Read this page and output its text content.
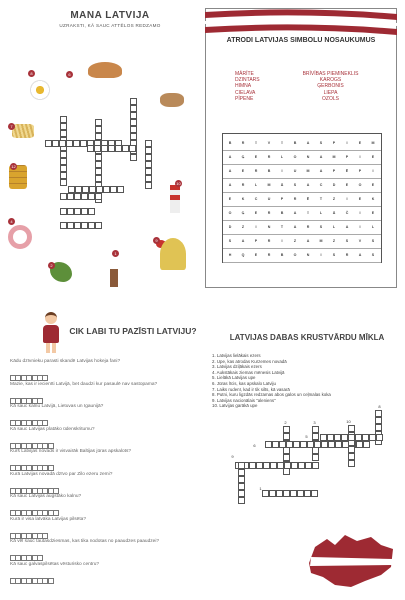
MANA LATVIJA
UZRAKSTI, KĀ SAUC ATTĒLOS REDZAMO
8	6
7
12
4
9
10
2
1
ATRODI LATVIJAS SIMBOLU NOSAUKUMUS
MĀRĪTE
DZINTARS
HIMNA
CIELAVA
PĪPENE
BRĪVĪBAS PIEMINEKLIS
KAROGS
ĢERBONIS
LIEPA
OZOLS
B	R	Ī	V	Ī	B	A	S	P	I	E	M
A	Ģ	E	R	L	O	N	A	M	P	I	E
A	E	R	B	I	U	M	A	P	Ē	P	I
A	R	L	M	Ā	S	A	C	D	E	O	E
E	K	C	U	P	R	Ē	T	Z	I	E	K
O	Ģ	E	R	B	A	Ī	L	Ā	Č	I	E
D	Z	I	N	T	A	R	S	L	A	I	L
S	A	P	R	I	Z	A	M	Z	S	V	S
H	Q	E	R	B	O	N	I	S	R	A	S
CIK LABI TU PAZĪSTI LATVIJU?
Kādu dzīvnieku parasti skandē Latvijas hokeja fani?
Mazie, kas ir iecienīti Latvijā, bet daudzi kur pasaulē nav sastopama?
Kā sauc kalnu Latvijā, Lietuvas un Igaunijā?
Kā sauc Latvijas platāko ūdenskritumu?
Kurš Latvijas novads ir visvairāk Baltijas jūras apskalots?
Kurā Latvijas novadā dzīvo par Zilo ezeru zemi?
Kā sauc Latvijas augstāko kalnu?
Kurā ir visa latvāka Latvijas pilsēta?
Kā vēl sauc tautasdziesmas, kas tika nodotas no paaudzes paaudzei?
Kā sauc galvaspilsētas vēsturisko centru?
LATVIJAS DABAS KRUSTVĀRDU MĪKLA
1. Latvijas lielākais ezers
2. Upe, kas atrodas Kurzemes novadā
3. Latvijas dziļākais ezers
4. Aukstākais ziemas mēnesis Latvijā
5. Lielākā Latvijas upe
6. Jūras līcis, kas apskalo Latviju
7. Laiks rudenī, kad ir tik silts, kā vasarā
8. Putni, kuru ligzdās redzamas abos galos un ceļmalas koka
9. Latvijas nacionālais "aleniens"
10. Latvijas garākā upe
2	3
5
6
8
10
9
1
